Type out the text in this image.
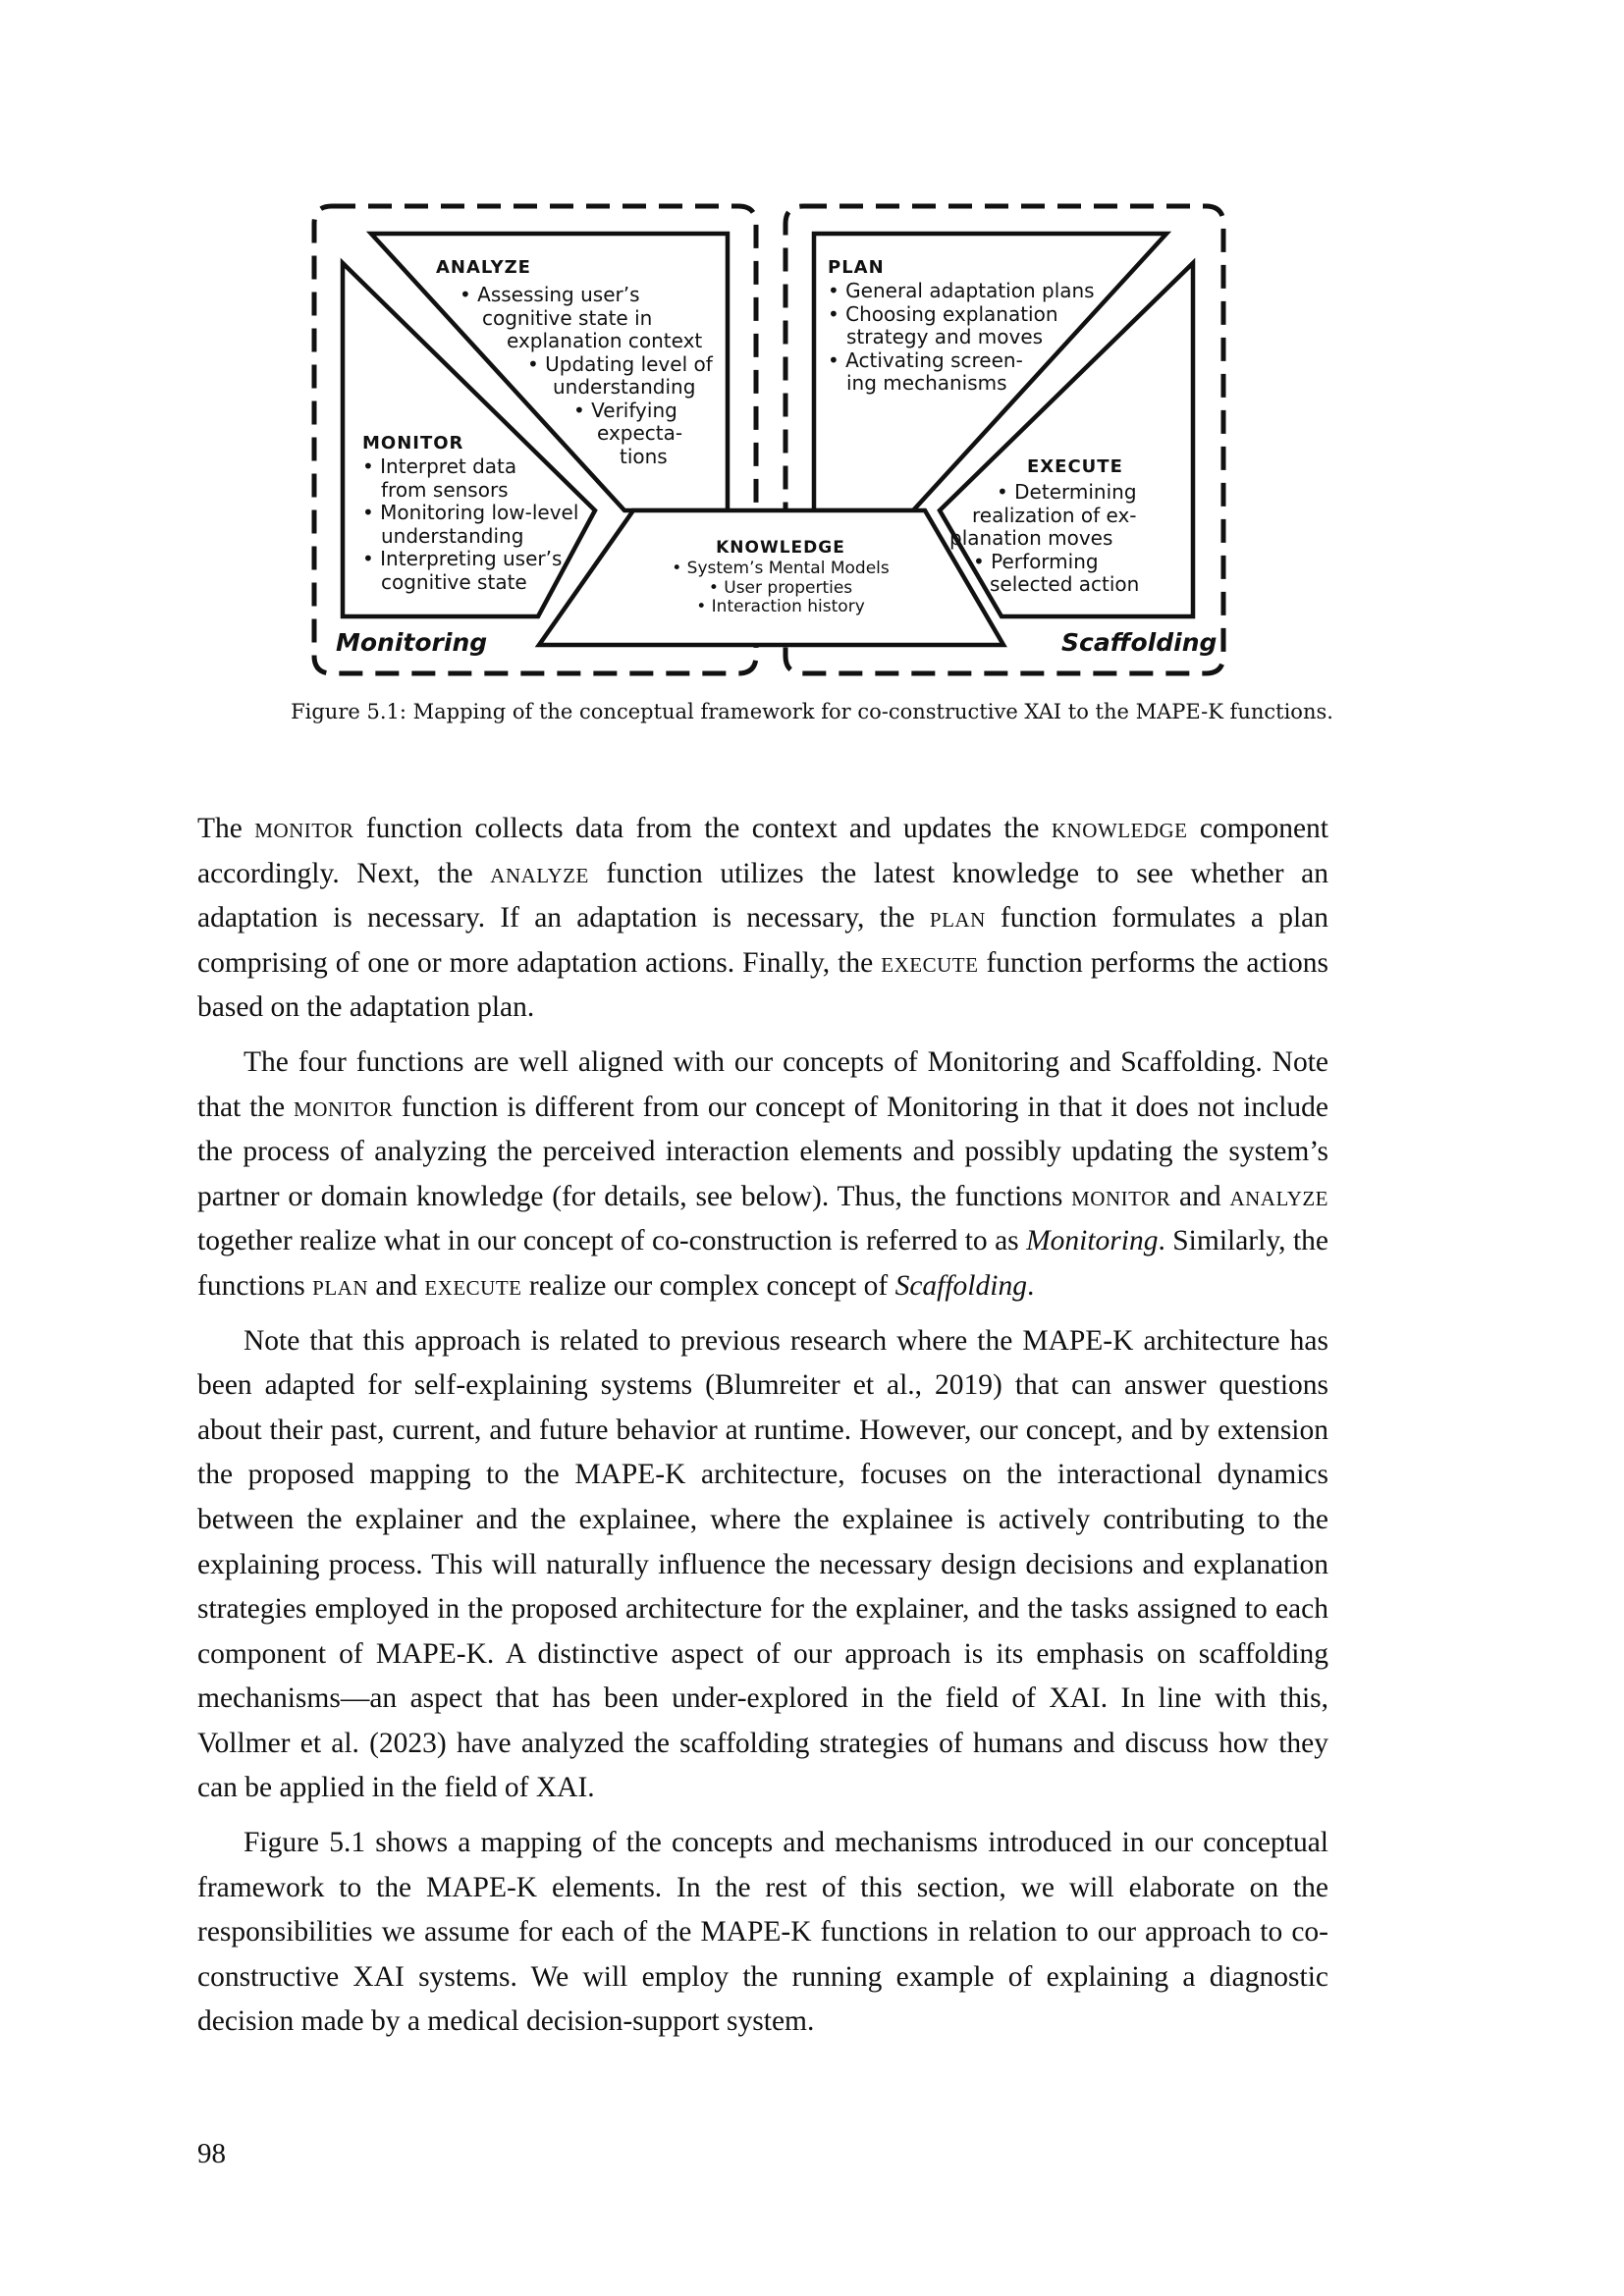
ANALYZE
• Assessing user’s
cognitive state in
explanation context
• Updating level of
understanding
• Verifying
expecta-
tions
MONITOR
• Interpret data
from sensors
• Monitoring low-level
understanding
• Interpreting user’s
cognitive state
PLAN
• General adaptation plans
• Choosing explanation
strategy and moves
• Activating screen-
ing mechanisms
EXECUTE
• Determining
realization of ex-
planation moves
• Performing
selected action
KNOWLEDGE
• System’s Mental Models
• User properties
• Interaction history
Monitoring	Scaffolding
Figure 5.1: Mapping of the conceptual framework for co-constructive XAI to the MAPE-K functions.

The monitor function collects data from the context and updates the knowledge component accordingly. Next, the analyze function utilizes the latest knowledge to see whether an adaptation is necessary. If an adaptation is necessary, the plan function formulates a plan comprising of one or more adaptation actions. Finally, the execute function performs the actions based on the adaptation plan.

The four functions are well aligned with our concepts of Monitoring and Scaffolding. Note that the monitor function is different from our concept of Monitoring in that it does not include the process of analyzing the perceived interaction elements and possibly updating the system’s partner or domain knowledge (for details, see below). Thus, the functions monitor and analyze together realize what in our concept of co-construction is referred to as Monitoring. Similarly, the functions plan and execute realize our complex concept of Scaffolding.

Note that this approach is related to previous research where the MAPE-K architecture has been adapted for self-explaining systems (Blumreiter et al., 2019) that can answer questions about their past, current, and future behavior at runtime. However, our concept, and by extension the proposed mapping to the MAPE-K architecture, focuses on the interactional dynamics between the explainer and the explainee, where the explainee is actively contributing to the explaining process. This will naturally influence the necessary design decisions and explanation strategies employed in the proposed architecture for the explainer, and the tasks assigned to each component of MAPE-K. A distinctive aspect of our approach is its emphasis on scaffolding mechanisms—an aspect that has been under-explored in the field of XAI. In line with this, Vollmer et al. (2023) have analyzed the scaffolding strategies of humans and discuss how they can be applied in the field of XAI.

Figure 5.1 shows a mapping of the concepts and mechanisms introduced in our conceptual framework to the MAPE-K elements. In the rest of this section, we will elaborate on the responsibilities we assume for each of the MAPE-K functions in relation to our approach to co-constructive XAI systems. We will employ the running example of explaining a diagnostic decision made by a medical decision-support system.

98
